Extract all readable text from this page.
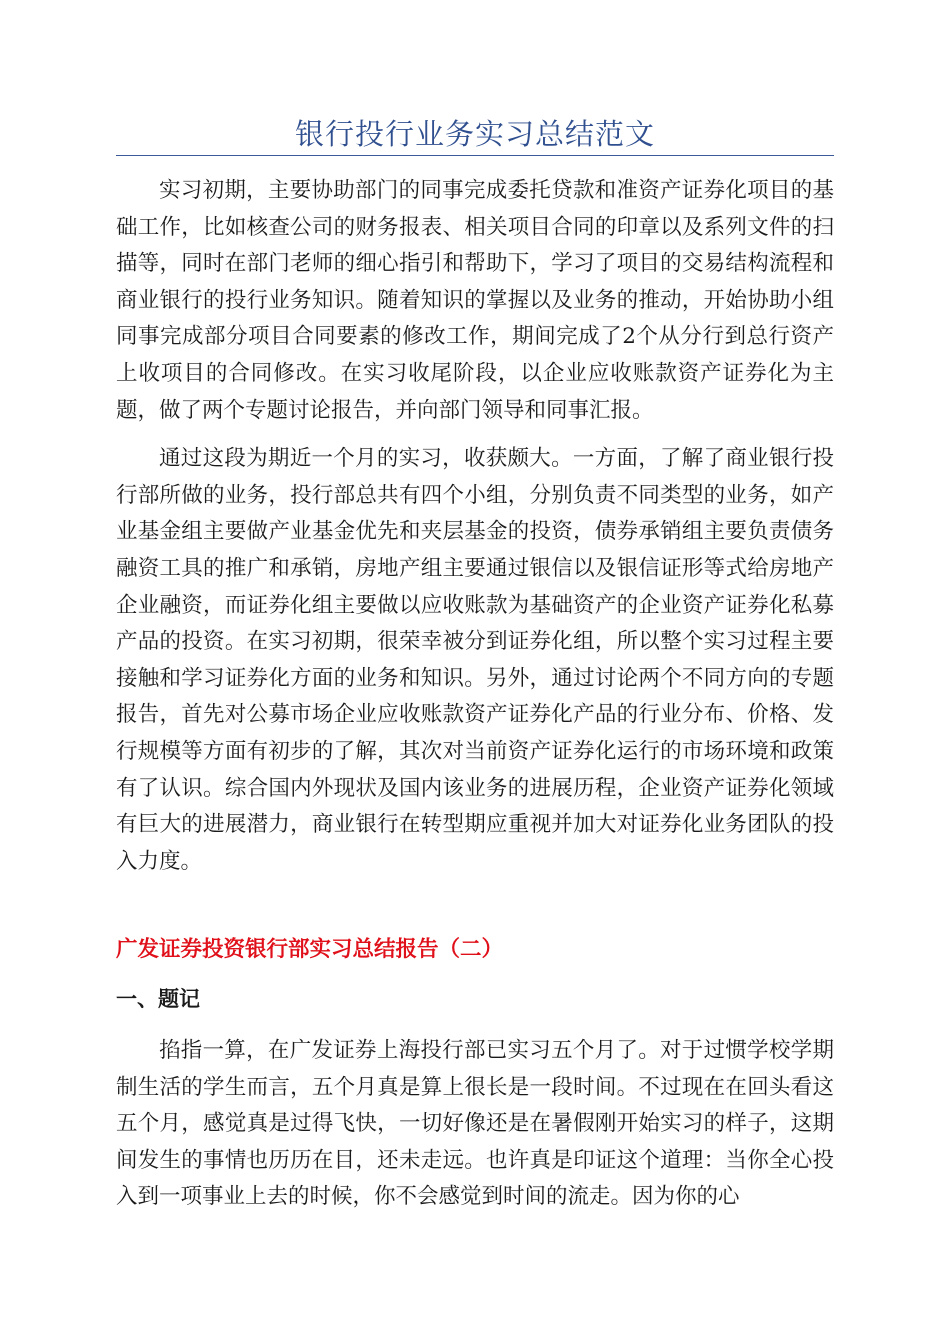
银行投行业务实习总结范文

实习初期，主要协助部门的同事完成委托贷款和准资产证券化项目的基础工作，比如核查公司的财务报表、相关项目合同的印章以及系列文件的扫描等，同时在部门老师的细心指引和帮助下，学习了项目的交易结构流程和商业银行的投行业务知识。随着知识的掌握以及业务的推动，开始协助小组同事完成部分项目合同要素的修改工作，期间完成了2个从分行到总行资产上收项目的合同修改。在实习收尾阶段，以企业应收账款资产证券化为主题，做了两个专题讨论报告，并向部门领导和同事汇报。

通过这段为期近一个月的实习，收获颇大。一方面，了解了商业银行投行部所做的业务，投行部总共有四个小组，分别负责不同类型的业务，如产业基金组主要做产业基金优先和夹层基金的投资，债券承销组主要负责债务融资工具的推广和承销，房地产组主要通过银信以及银信证形等式给房地产企业融资，而证券化组主要做以应收账款为基础资产的企业资产证券化私募产品的投资。在实习初期，很荣幸被分到证券化组，所以整个实习过程主要接触和学习证券化方面的业务和知识。另外，通过讨论两个不同方向的专题报告，首先对公募市场企业应收账款资产证券化产品的行业分布、价格、发行规模等方面有初步的了解，其次对当前资产证券化运行的市场环境和政策有了认识。综合国内外现状及国内该业务的进展历程，企业资产证券化领域有巨大的进展潜力，商业银行在转型期应重视并加大对证券化业务团队的投入力度。

广发证券投资银行部实习总结报告（二）
一、题记

掐指一算，在广发证券上海投行部已实习五个月了。对于过惯学校学期制生活的学生而言，五个月真是算上很长是一段时间。不过现在在回头看这五个月，感觉真是过得飞快，一切好像还是在暑假刚开始实习的样子，这期间发生的事情也历历在目，还未走远。也许真是印证这个道理：当你全心投入到一项事业上去的时候，你不会感觉到时间的流走。因为你的心
